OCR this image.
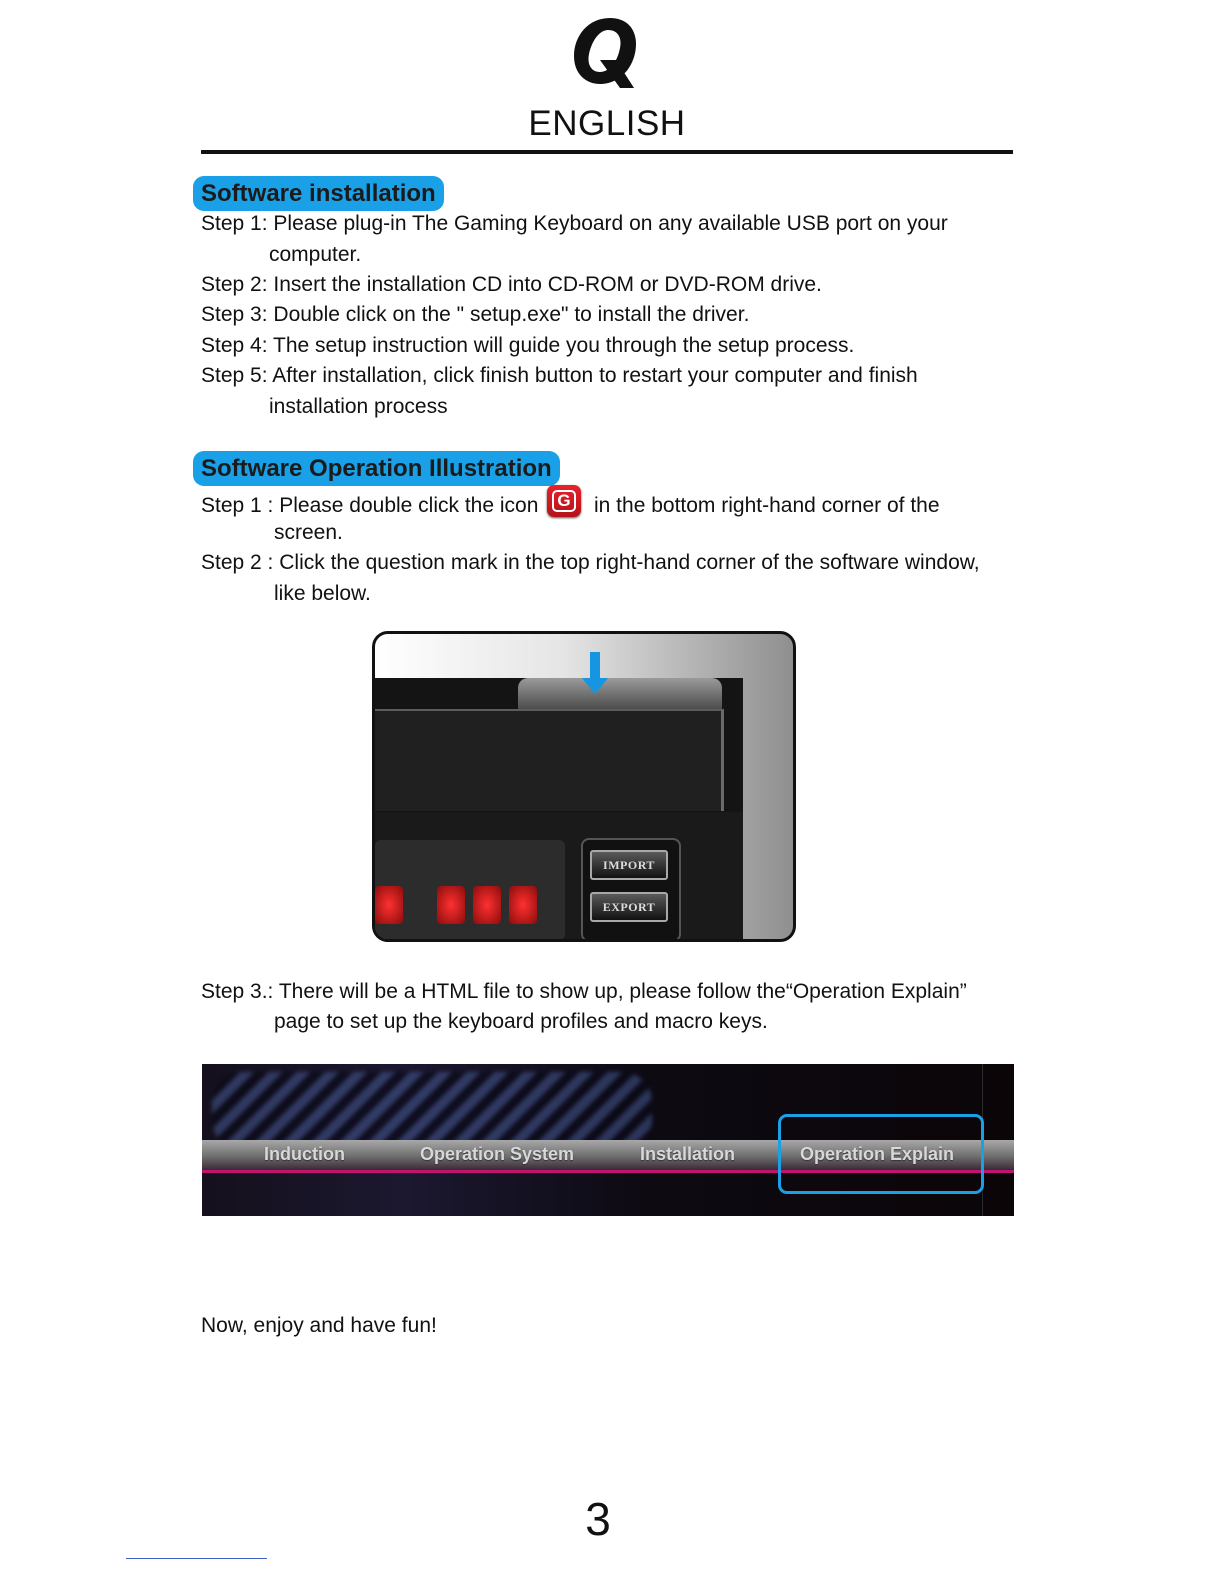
ENGLISH
Software installation
Step 1: Please plug-in The Gaming Keyboard on any available USB port on your
computer.
Step 2: Insert the installation CD into CD-ROM or DVD-ROM drive.
Step 3: Double click on the " setup.exe" to install the driver.
Step 4: The setup instruction will guide you through the setup process.
Step 5: After installation, click finish button to restart your computer and finish
installation process
Software Operation Illustration
Step 1 : Please double click the icon	G in the bottom right-hand corner of the
screen.
Step 2 : Click the question mark in the top right-hand corner of the software window,
like below.
IMPORT
EXPORT
Step 3.: There will be a HTML file to show up, please follow the“Operation Explain”
page to set up the keyboard profiles and macro keys.
Induction	Operation System	Installation	Operation Explain
Now, enjoy and have fun!
3
